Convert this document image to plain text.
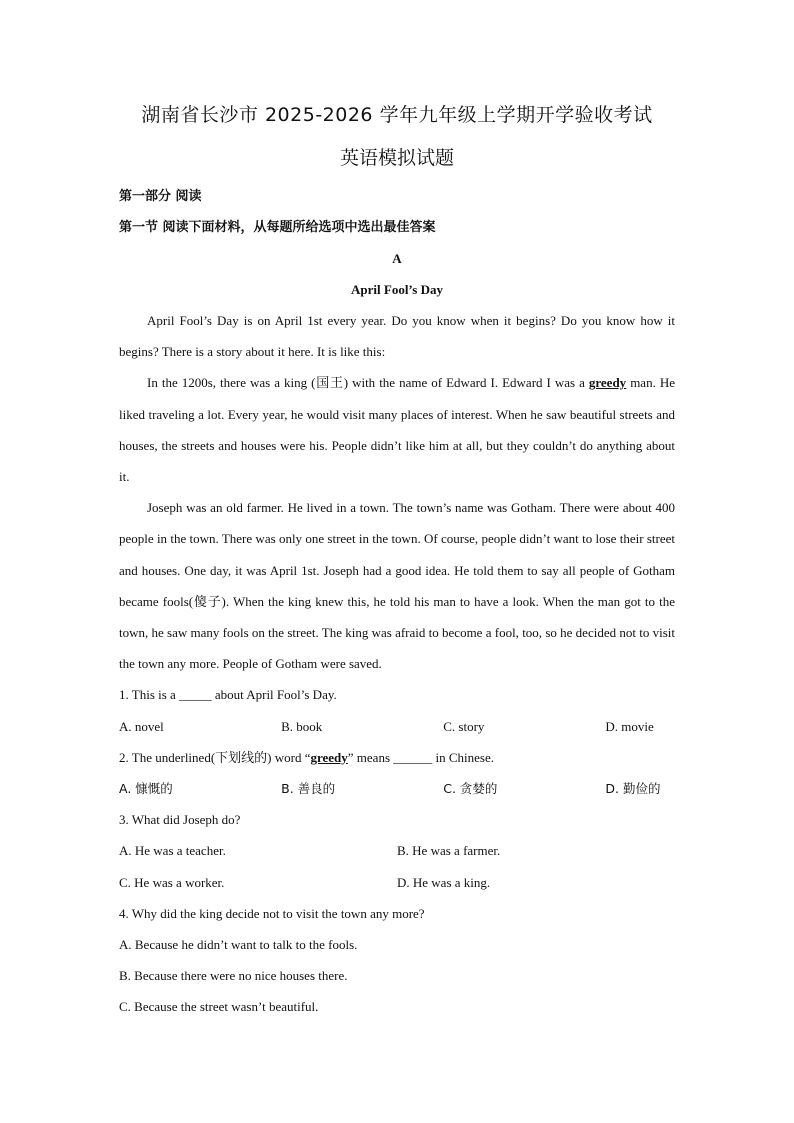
湖南省长沙市 2025-2026 学年九年级上学期开学验收考试

英语模拟试题

第一部分 阅读

第一节 阅读下面材料，从每题所给选项中选出最佳答案

A

April Fool’s Day

April Fool’s Day is on April 1st every year. Do you know when it begins? Do you know how it begins? There is a story about it here. It is like this:

In the 1200s, there was a king (国王) with the name of Edward I. Edward I was a greedy man. He liked traveling a lot. Every year, he would visit many places of interest. When he saw beautiful streets and houses, the streets and houses were his. People didn’t like him at all, but they couldn’t do anything about it.

Joseph was an old farmer. He lived in a town. The town’s name was Gotham. There were about 400 people in the town. There was only one street in the town. Of course, people didn’t want to lose their street and houses. One day, it was April 1st. Joseph had a good idea. He told them to say all people of Gotham became fools(傻子). When the king knew this, he told his man to have a look. When the man got to the town, he saw many fools on the street. The king was afraid to become a fool, too, so he decided not to visit the town any more. People of Gotham were saved.

1. This is a _____ about April Fool’s Day.

A. novel	B. book	C. story	D. movie

2. The underlined(下划线的) word “greedy” means ______ in Chinese.

A. 慷慨的	B. 善良的	C. 贪婪的	D. 勤俭的

3. What did Joseph do?

A. He was a teacher.	B. He was a farmer.
C. He was a worker.	D. He was a king.

4. Why did the king decide not to visit the town any more?

A. Because he didn’t want to talk to the fools.

B. Because there were no nice houses there.

C. Because the street wasn’t beautiful.
